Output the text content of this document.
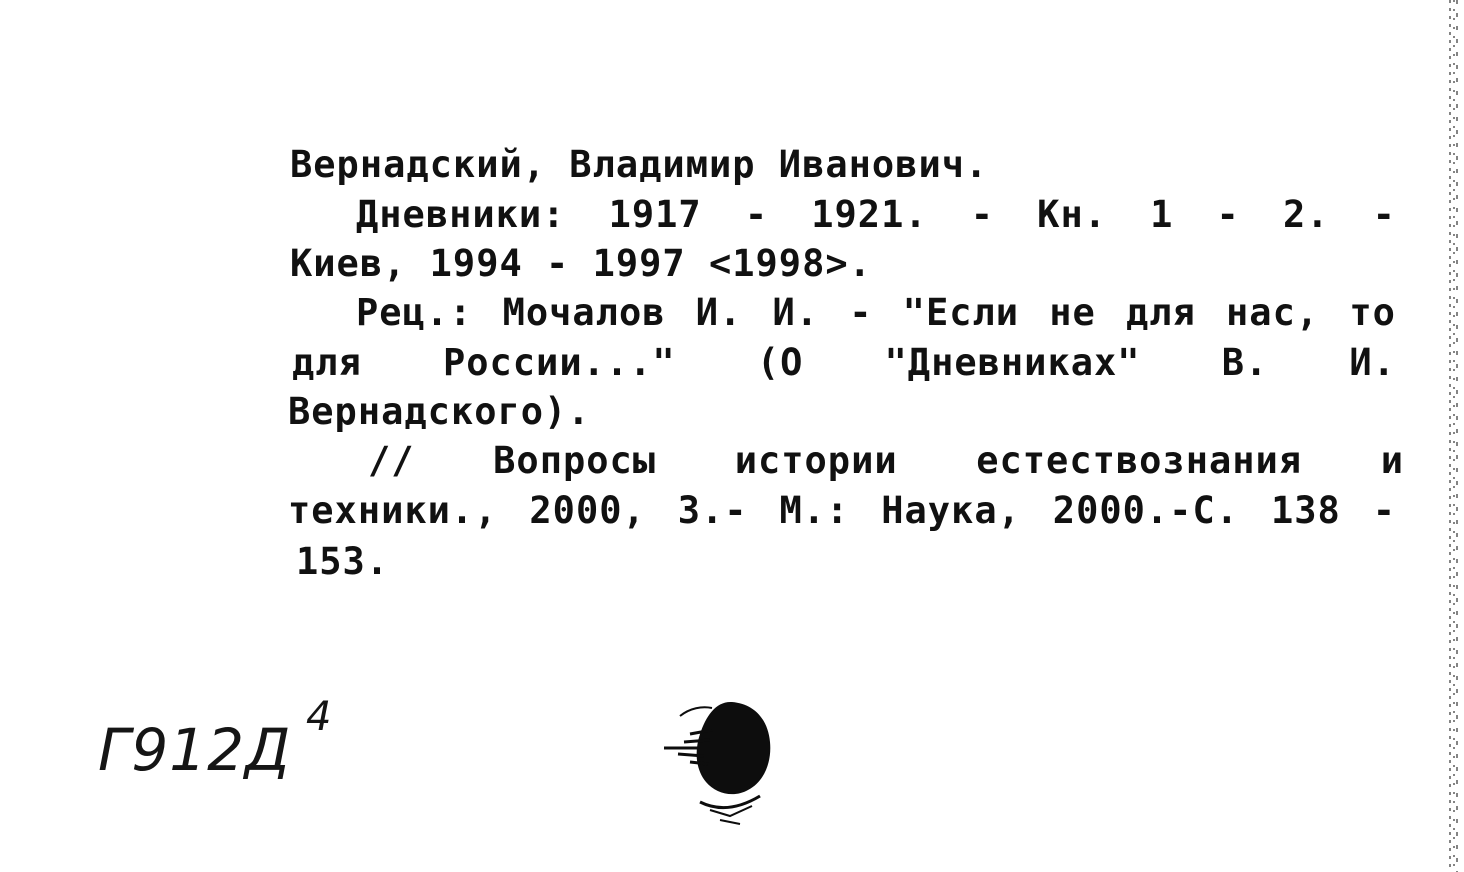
Вернадский, Владимир Иванович.
Дневники: 1917 - 1921. - Кн. 1 - 2. -
Киев, 1994 - 1997 <1998>.
Рец.: Мочалов И. И. - "Если не для нас, то
для России..." (О "Дневниках" В. И.
Вернадского).
// Вопросы истории естествознания и
техники., 2000, 3.- М.: Наука, 2000.-С. 138 -
153.
Г912Д 4
